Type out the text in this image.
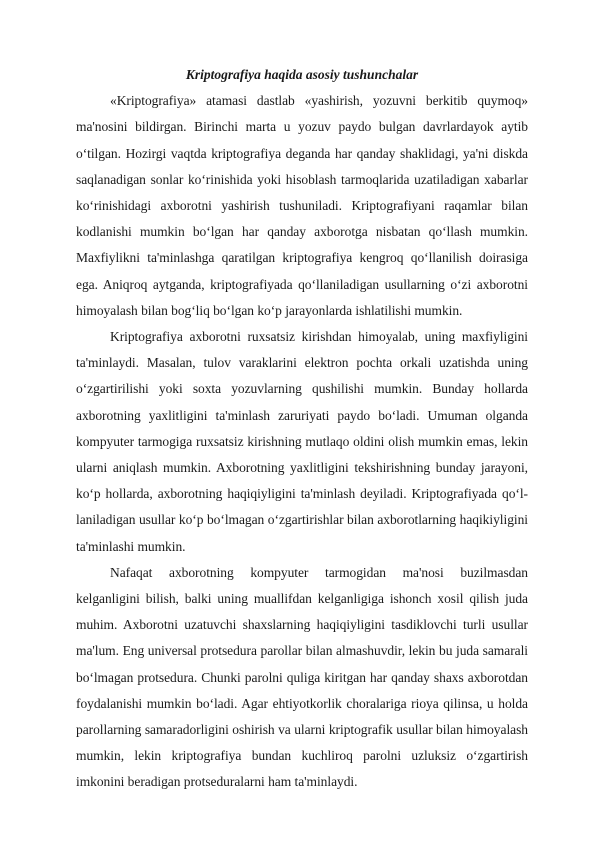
Kriptografiya haqida asosiy tushunchalar

«Kriptografiya» atamasi dastlab «yashirish, yozuvni berkitib quymoq» ma'nosini bildirgan. Birinchi marta u yozuv paydo bulgan davrlardayok aytib o‘tilgan. Hozirgi vaqtda kriptografiya deganda har qanday shaklidagi, ya'ni diskda saqlanadigan sonlar ko‘rinishida yoki hisoblash tarmoqlarida uzatiladigan xabarlar ko‘rinishidagi axborotni yashirish tushuniladi. Kriptografiyani raqamlar bilan kodlanishi mumkin bo‘lgan har qanday axborotga nisbatan qo‘llash mumkin. Maxfiylikni ta'minlashga qaratilgan kriptografiya kengroq qo‘llanilish doirasiga ega. Aniqroq aytganda, kriptografiyada qo‘llaniladigan usullarning o‘zi axborotni himoyalash bilan bog‘liq bo‘lgan ko‘p jarayonlarda ishlatilishi mumkin.

Kriptografiya axborotni ruxsatsiz kirishdan himoyalab, uning maxfiyligini ta'minlaydi. Masalan, tulov varaklarini elektron pochta orkali uzatishda uning o‘zgartirilishi yoki soxta yozuvlarning qushilishi mumkin. Bunday hollarda axborotning yaxlitligini ta'minlash zaruriyati paydo bo‘ladi. Umuman olganda kompyuter tarmogiga ruxsatsiz kirishning mutlaqo oldini olish mumkin emas, lekin ularni aniqlash mumkin. Axborotning yaxlitligini tekshirishning bunday jarayoni, ko‘p hollarda, axborotning haqiqiyligini ta'minlash deyiladi. Kriptografiyada qo‘l-laniladigan usullar ko‘p bo‘lmagan o‘zgartirishlar bilan axborotlarning haqikiyligini ta'minlashi mumkin.

Nafaqat axborotning kompyuter tarmogidan ma'nosi buzilmasdan kelganligini bilish, balki uning muallifdan kelganligiga ishonch xosil qilish juda muhim. Axborotni uzatuvchi shaxslarning haqiqiyligini tasdiklovchi turli usullar ma'lum. Eng universal protsedura parollar bilan almashuvdir, lekin bu juda samarali bo‘lmagan protsedura. Chunki parolni quliga kiritgan har qanday shaxs axborotdan foydalanishi mumkin bo‘ladi. Agar ehtiyotkorlik choralariga rioya qilinsa, u holda parollarning samaradorligini oshirish va ularni kriptografik usullar bilan himoyalash mumkin, lekin kriptografiya bundan kuchliroq parolni uzluksiz o‘zgartirish imkonini beradigan protseduralarni ham ta'minlaydi.
